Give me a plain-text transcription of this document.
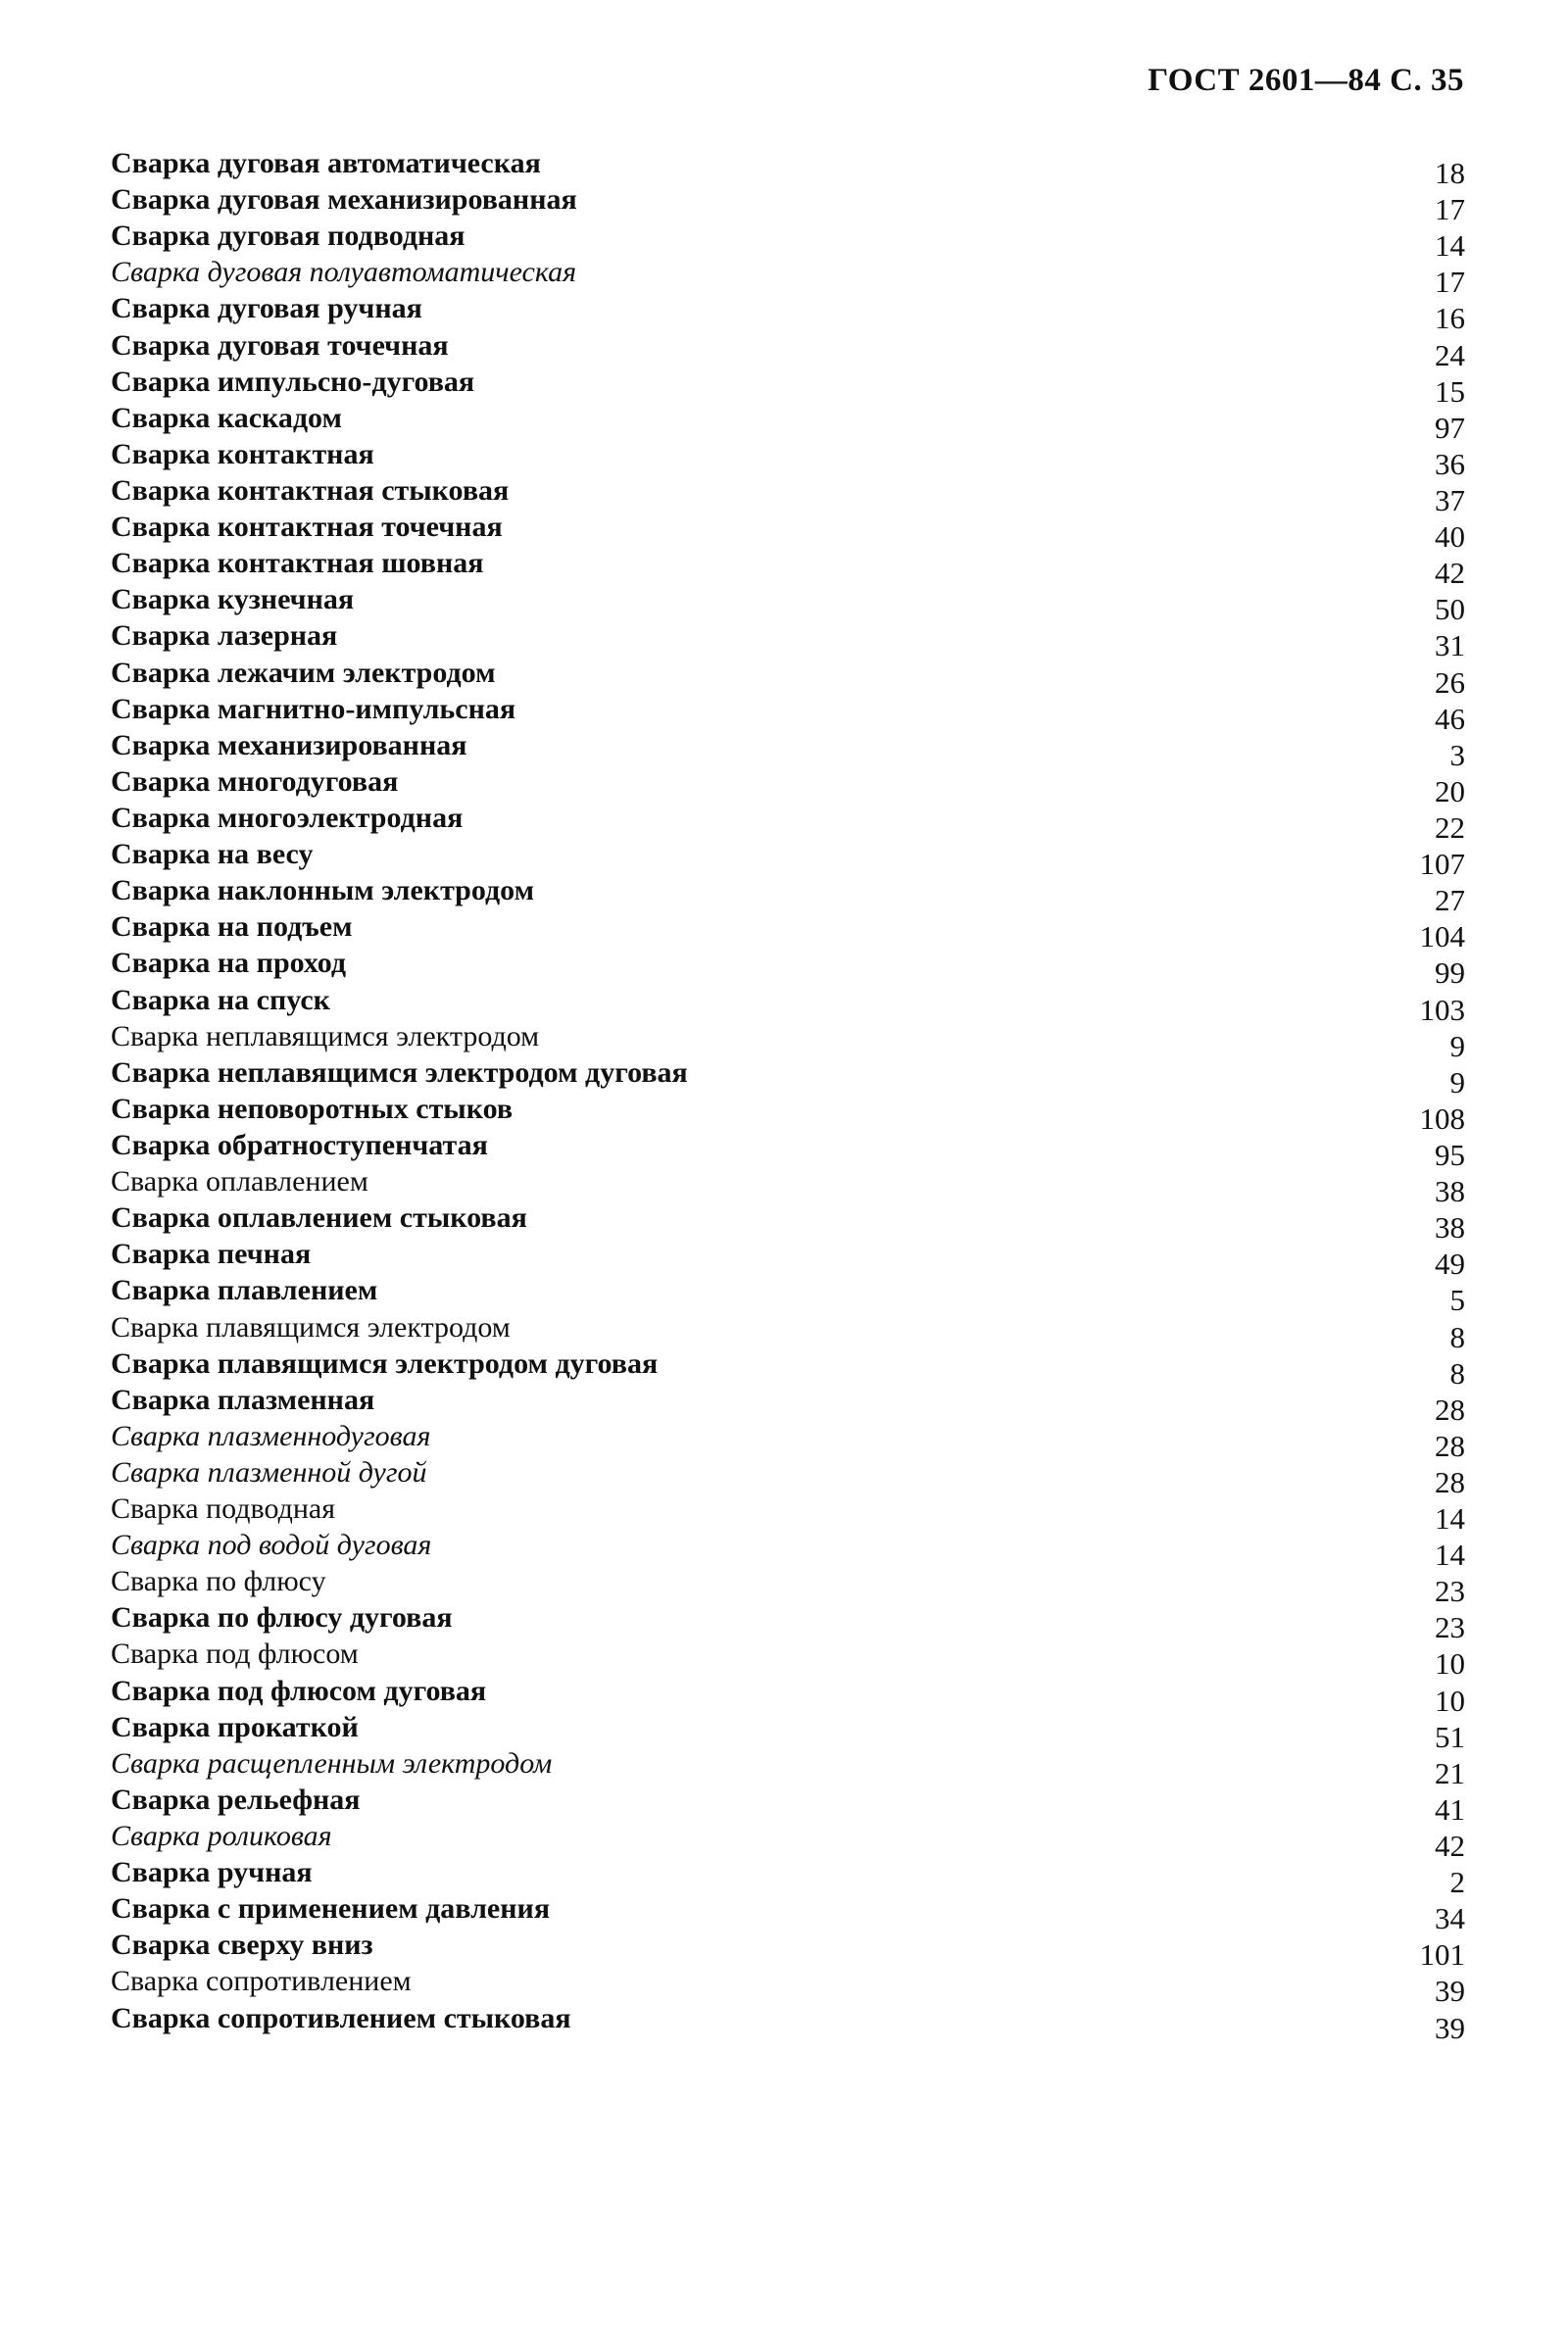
ГОСТ 2601—84 С. 35
Сварка дуговая автоматическая	18
Сварка дуговая механизированная	17
Сварка дуговая подводная	14
Сварка дуговая полуавтоматическая	17
Сварка дуговая ручная	16
Сварка дуговая точечная	24
Сварка импульсно-дуговая	15
Сварка каскадом	97
Сварка контактная	36
Сварка контактная стыковая	37
Сварка контактная точечная	40
Сварка контактная шовная	42
Сварка кузнечная	50
Сварка лазерная	31
Сварка лежачим электродом	26
Сварка магнитно-импульсная	46
Сварка механизированная	3
Сварка многодуговая	20
Сварка многоэлектродная	22
Сварка на весу	107
Сварка наклонным электродом	27
Сварка на подъем	104
Сварка на проход	99
Сварка на спуск	103
Сварка неплавящимся электродом	9
Сварка неплавящимся электродом дуговая	9
Сварка неповоротных стыков	108
Сварка обратноступенчатая	95
Сварка оплавлением	38
Сварка оплавлением стыковая	38
Сварка печная	49
Сварка плавлением	5
Сварка плавящимся электродом	8
Сварка плавящимся электродом дуговая	8
Сварка плазменная	28
Сварка плазменнодуговая	28
Сварка плазменной дугой	28
Сварка подводная	14
Сварка под водой дуговая	14
Сварка по флюсу	23
Сварка по флюсу дуговая	23
Сварка под флюсом	10
Сварка под флюсом дуговая	10
Сварка прокаткой	51
Сварка расщепленным электродом	21
Сварка рельефная	41
Сварка роликовая	42
Сварка ручная	2
Сварка с применением давления	34
Сварка сверху вниз	101
Сварка сопротивлением	39
Сварка сопротивлением стыковая	39
